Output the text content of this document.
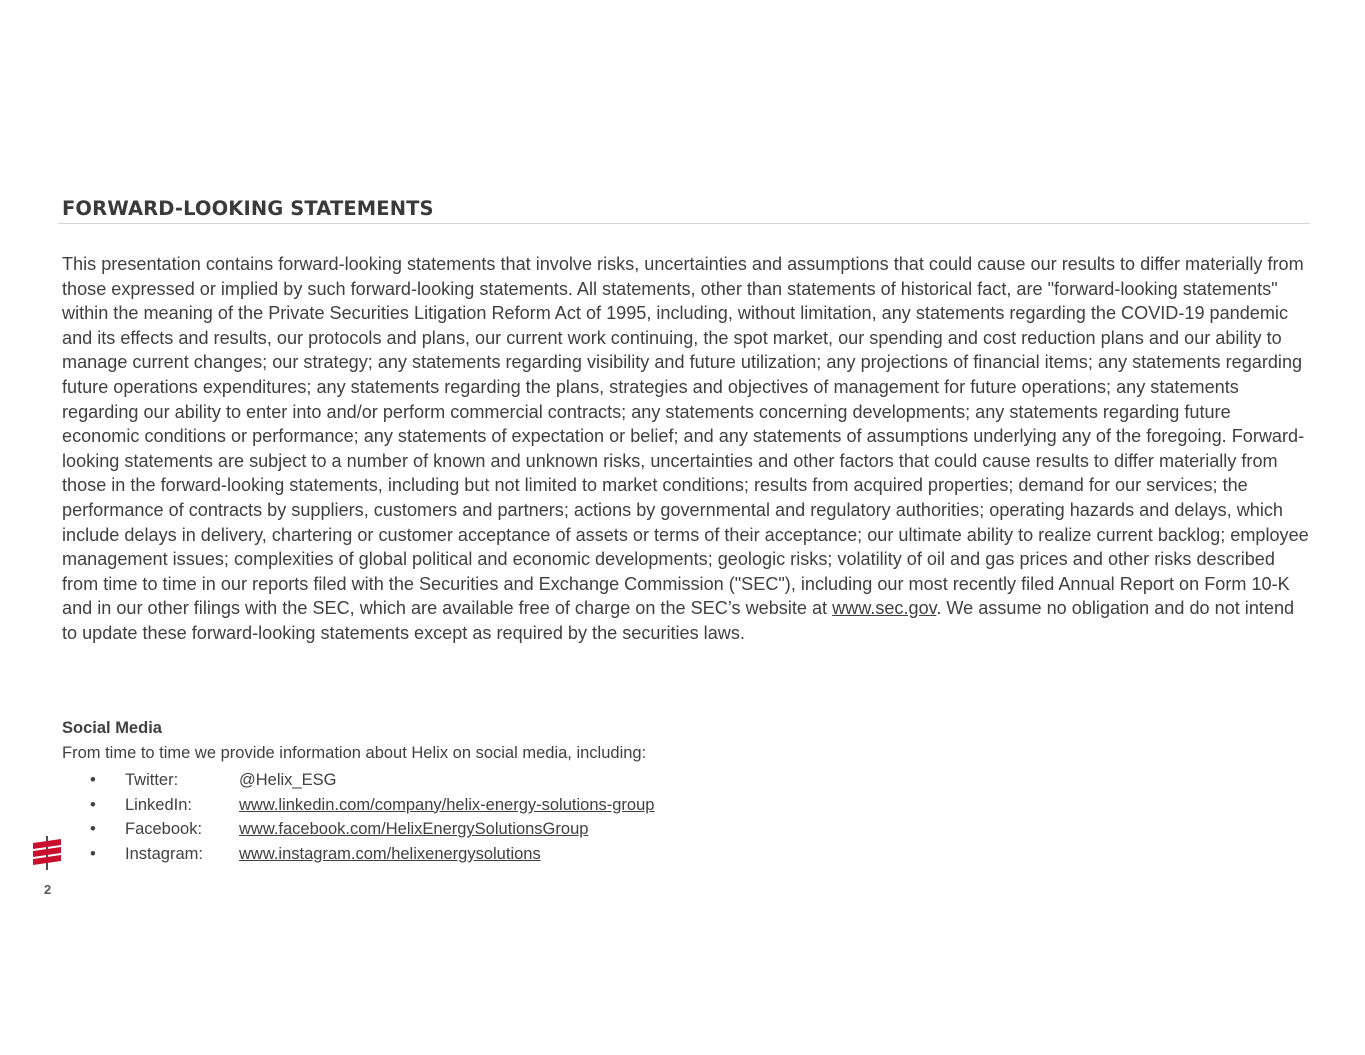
FORWARD-LOOKING STATEMENTS

This presentation contains forward-looking statements that involve risks, uncertainties and assumptions that could cause our results to differ materially from those expressed or implied by such forward-looking statements. All statements, other than statements of historical fact, are "forward-looking statements" within the meaning of the Private Securities Litigation Reform Act of 1995, including, without limitation, any statements regarding the COVID-19 pandemic and its effects and results, our protocols and plans, our current work continuing, the spot market, our spending and cost reduction plans and our ability to manage current changes; our strategy; any statements regarding visibility and future utilization; any projections of financial items; any statements regarding future operations expenditures; any statements regarding the plans, strategies and objectives of management for future operations; any statements regarding our ability to enter into and/or perform commercial contracts; any statements concerning developments; any statements regarding future economic conditions or performance; any statements of expectation or belief; and any statements of assumptions underlying any of the foregoing. Forward-looking statements are subject to a number of known and unknown risks, uncertainties and other factors that could cause results to differ materially from those in the forward-looking statements, including but not limited to market conditions; results from acquired properties; demand for our services; the performance of contracts by suppliers, customers and partners; actions by governmental and regulatory authorities; operating hazards and delays, which include delays in delivery, chartering or customer acceptance of assets or terms of their acceptance; our ultimate ability to realize current backlog; employee management issues; complexities of global political and economic developments; geologic risks; volatility of oil and gas prices and other risks described from time to time in our reports filed with the Securities and Exchange Commission ("SEC"), including our most recently filed Annual Report on Form 10-K and in our other filings with the SEC, which are available free of charge on the SEC’s website at www.sec.gov. We assume no obligation and do not intend to update these forward-looking statements except as required by the securities laws.

Social Media
From time to time we provide information about Helix on social media, including:
• Twitter:	@Helix_ESG
• LinkedIn:	www.linkedin.com/company/helix-energy-solutions-group
• Facebook: www.facebook.com/HelixEnergySolutionsGroup
• Instagram: www.instagram.com/helixenergysolutions
2
